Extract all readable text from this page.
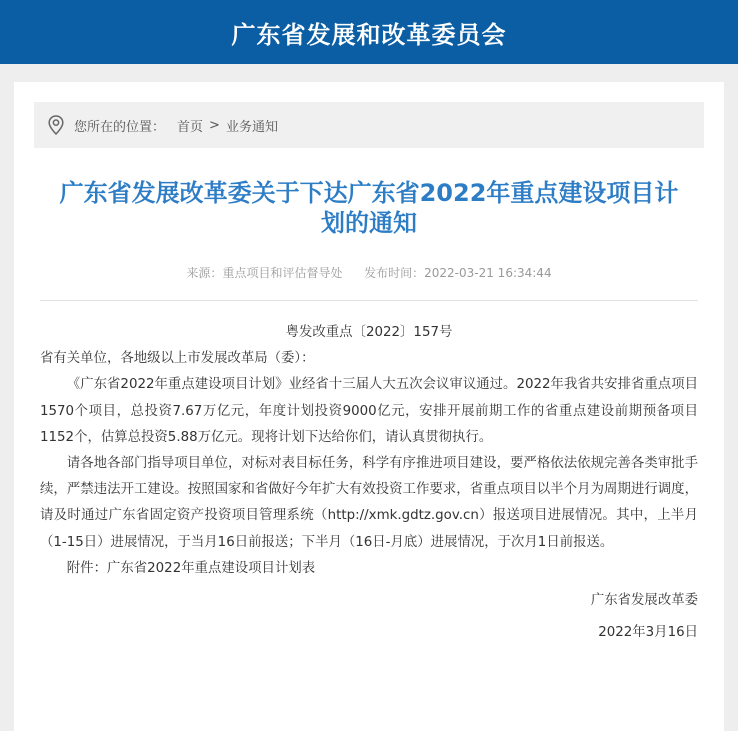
广东省发展和改革委员会
您所在的位置： 首页 > 业务通知
广东省发展改革委关于下达广东省2022年重点建设项目计划的通知
来源：重点项目和评估督导处 发布时间：2022-03-21 16:34:44

粤发改重点〔2022〕157号

省有关单位，各地级以上市发展改革局（委）：

《广东省2022年重点建设项目计划》业经省十三届人大五次会议审议通过。2022年我省共安排省重点项目1570个项目，总投资7.67万亿元，年度计划投资9000亿元，安排开展前期工作的省重点建设前期预备项目1152个，估算总投资5.88万亿元。现将计划下达给你们，请认真贯彻执行。

请各地各部门指导项目单位，对标对表目标任务，科学有序推进项目建设，要严格依法依规完善各类审批手续，严禁违法开工建设。按照国家和省做好今年扩大有效投资工作要求，省重点项目以半个月为周期进行调度，请及时通过广东省固定资产投资项目管理系统（http://xmk.gdtz.gov.cn）报送项目进展情况。其中，上半月（1-15日）进展情况，于当月16日前报送；下半月（16日-月底）进展情况，于次月1日前报送。

附件：广东省2022年重点建设项目计划表

广东省发展改革委

2022年3月16日
